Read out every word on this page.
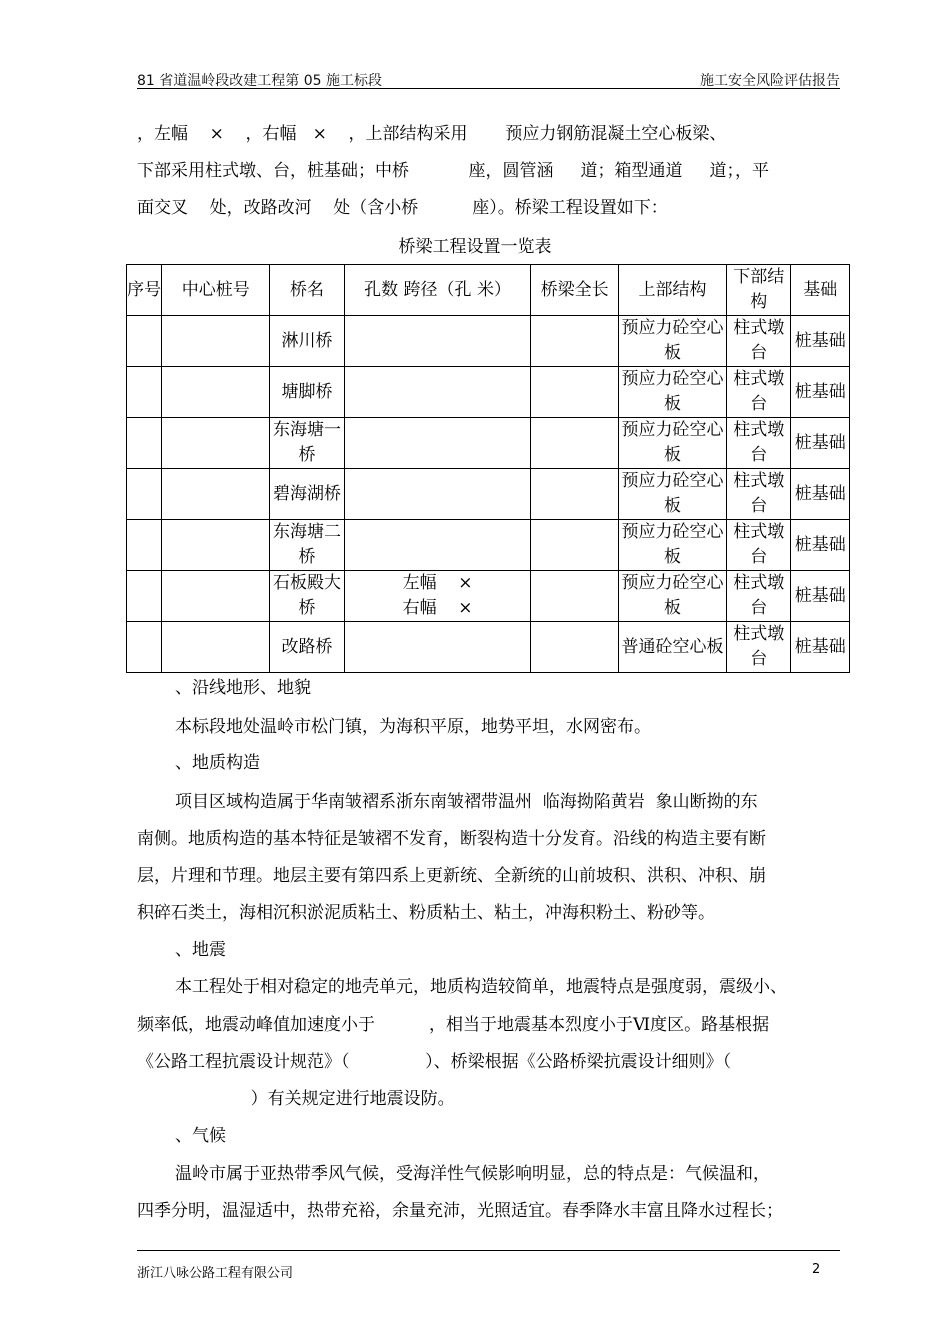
81 省道温岭段改建工程第 05 施工标段	施工安全风险评估报告

，左幅    ×    ，右幅   ×    ，上部结构采用       预应力钢筋混凝土空心板梁、

下部采用柱式墩、台，桩基础；中桥           座，圆管涵     道；箱型通道     道；，平

面交叉    处，改路改河    处（含小桥          座）。桥梁工程设置如下：

桥梁工程设置一览表
序号	中心桩号	桥名	孔数 跨径（孔 米）	桥梁全长	上部结构	下部结构	基础
		淋川桥			预应力砼空心板	柱式墩台	桩基础
		塘脚桥			预应力砼空心板	柱式墩台	桩基础
		东海塘一桥			预应力砼空心板	柱式墩台	桩基础
		碧海湖桥			预应力砼空心板	柱式墩台	桩基础
		东海塘二桥			预应力砼空心板	柱式墩台	桩基础
		石板殿大桥	左幅    ×
右幅    ×		预应力砼空心板	柱式墩台	桩基础
		改路桥			普通砼空心板	柱式墩台	桩基础

、沿线地形、地貌

本标段地处温岭市松门镇，为海积平原，地势平坦，水网密布。

、地质构造

项目区域构造属于华南皱褶系浙东南皱褶带温州  临海拗陷黄岩  象山断拗的东

南侧。地质构造的基本特征是皱褶不发育，断裂构造十分发育。沿线的构造主要有断

层，片理和节理。地层主要有第四系上更新统、全新统的山前坡积、洪积、冲积、崩

积碎石类土，海相沉积淤泥质粘土、粉质粘土、粘土，冲海积粉土、粉砂等。

、地震

本工程处于相对稳定的地壳单元，地质构造较简单，地震特点是强度弱，震级小、

频率低，地震动峰值加速度小于          ，相当于地震基本烈度小于Ⅵ度区。路基根据

《公路工程抗震设计规范》（              ）、桥梁根据《公路桥梁抗震设计细则》（

）有关规定进行地震设防。

、气候

温岭市属于亚热带季风气候，受海洋性气候影响明显，总的特点是：气候温和，

四季分明，温湿适中，热带充裕，余量充沛，光照适宜。春季降水丰富且降水过程长；

浙江八咏公路工程有限公司	2
